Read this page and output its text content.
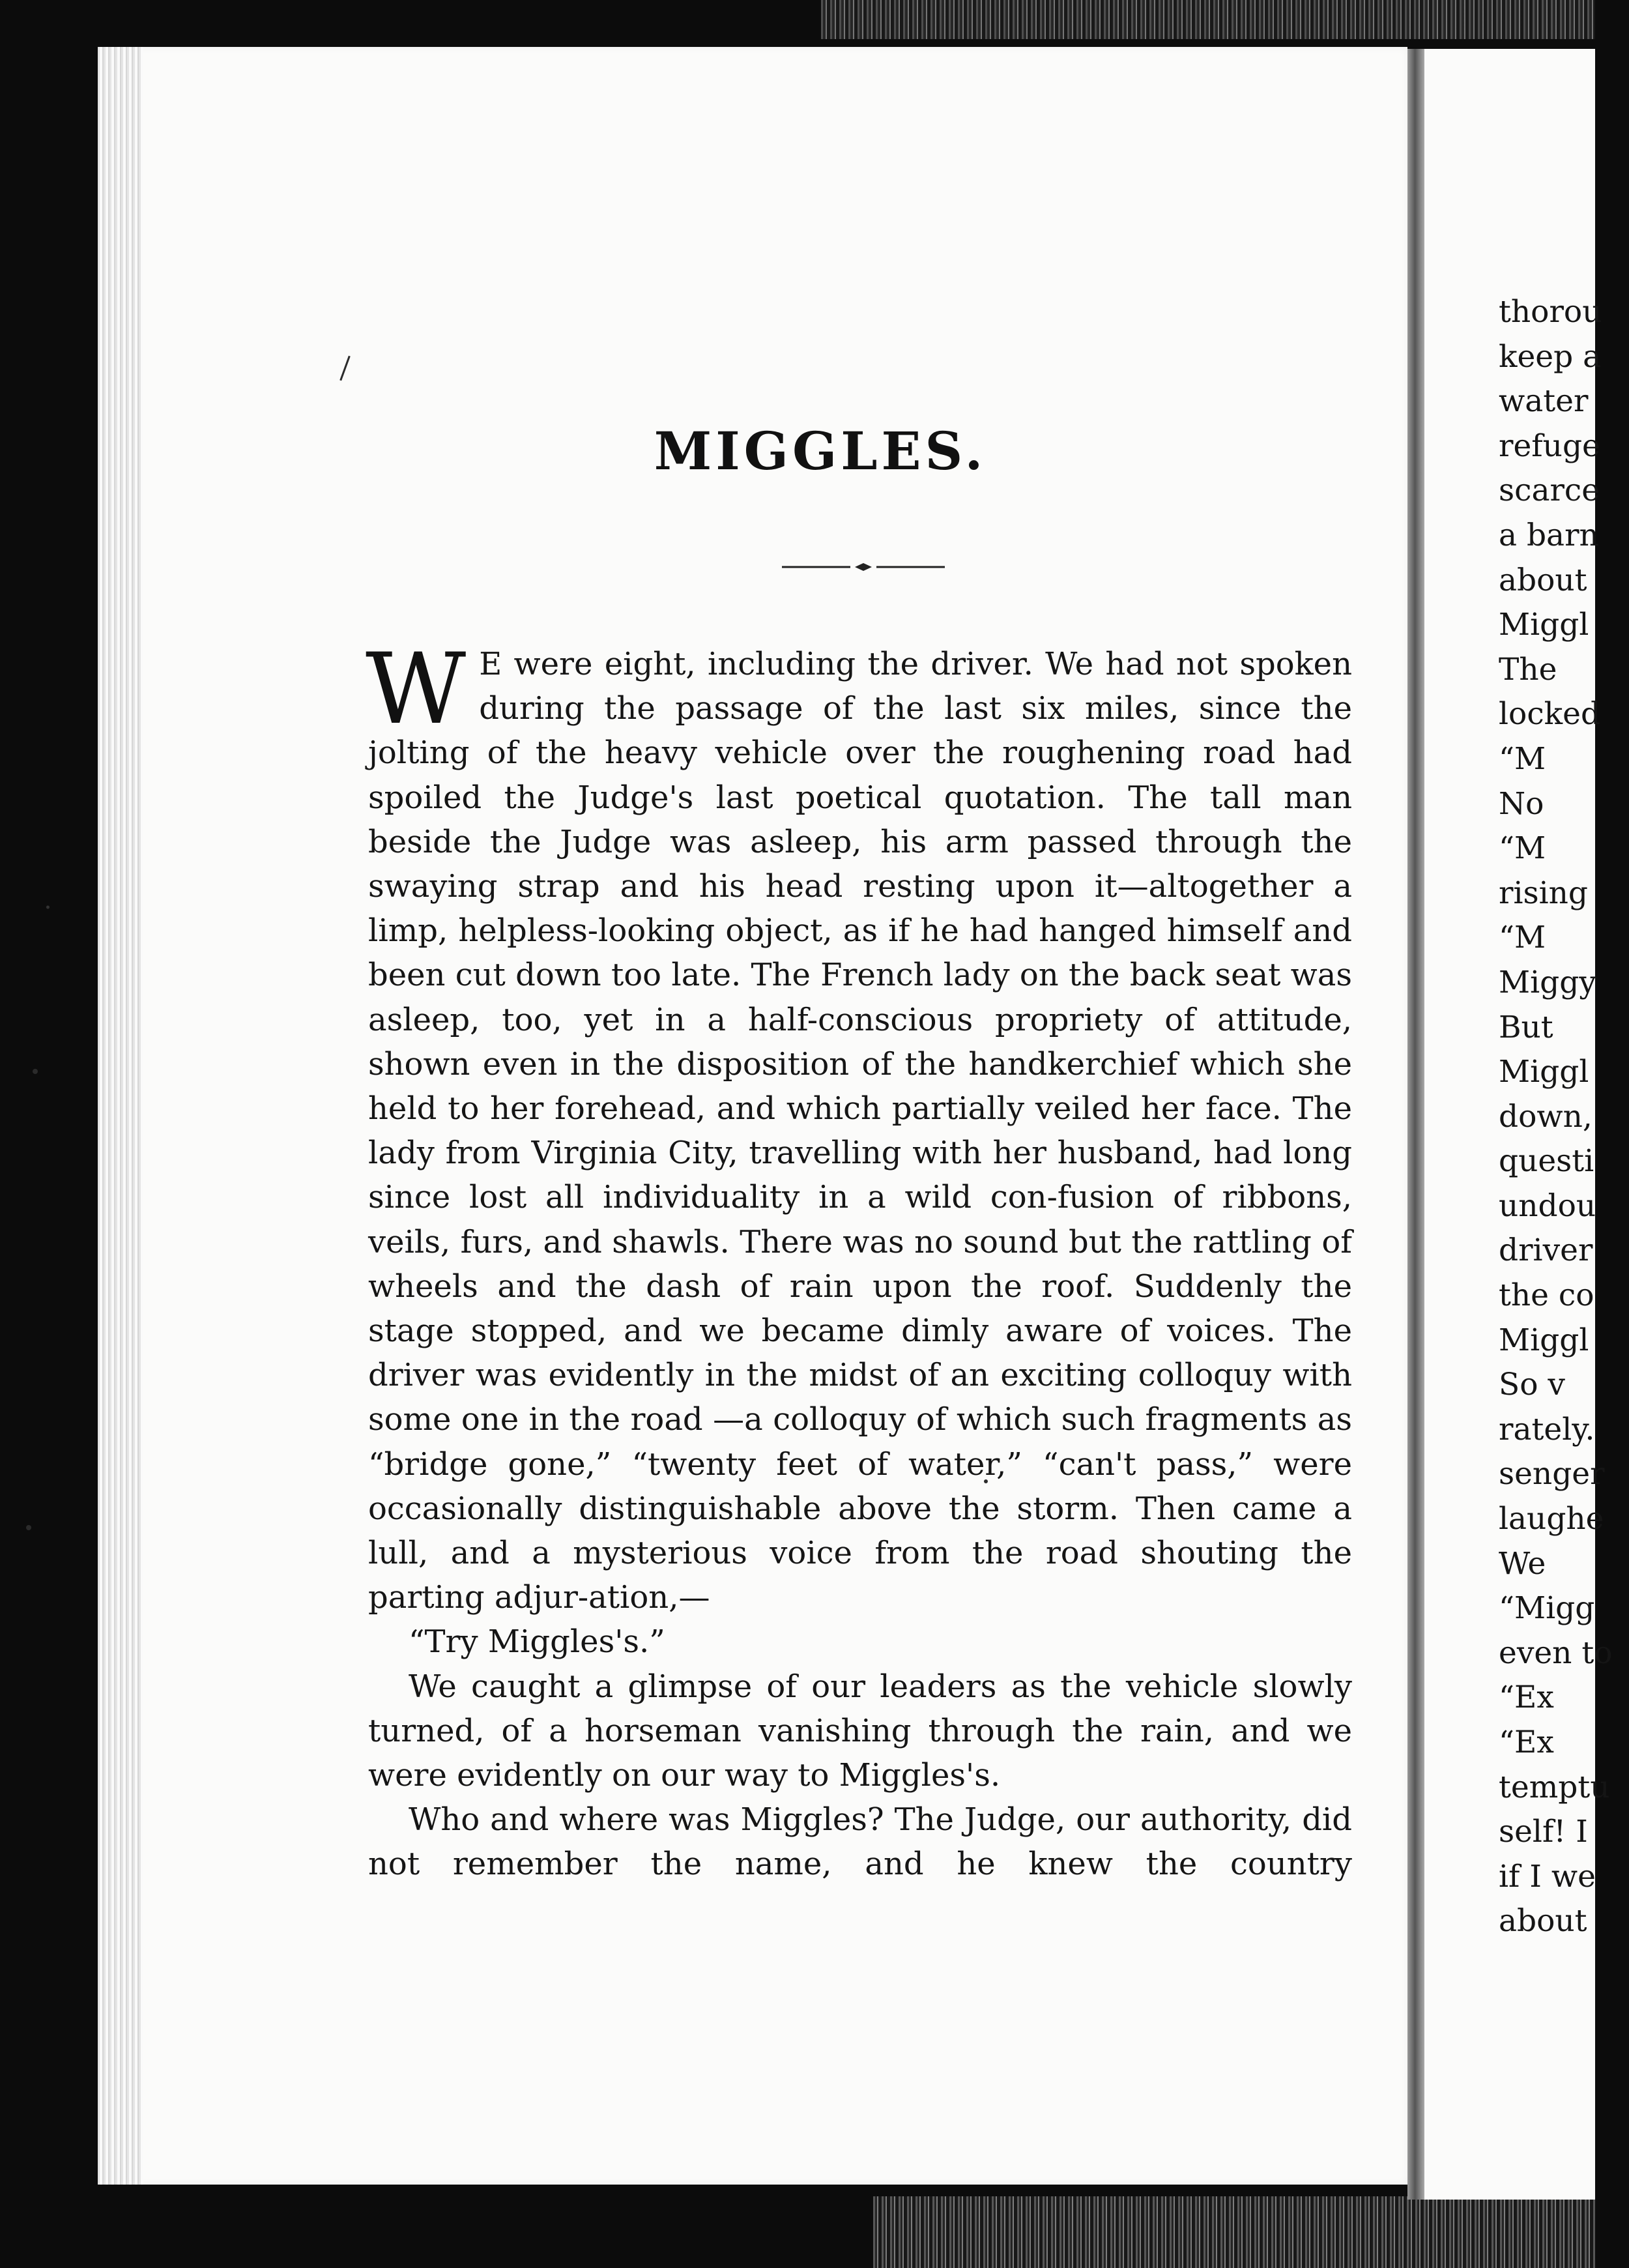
MIGGLES.

W E were eight, including the driver. We had not spoken during the passage of the last six miles, since the jolting of the heavy vehicle over the roughening road had spoiled the Judge's last poetical quotation. The tall man beside the Judge was asleep, his arm passed through the swaying strap and his head resting upon it—altogether a limp, helpless-looking object, as if he had hanged himself and been cut down too late. The French lady on the back seat was asleep, too, yet in a half-conscious propriety of attitude, shown even in the disposition of the handkerchief which she held to her forehead, and which partially veiled her face. The lady from Virginia City, travelling with her husband, had long since lost all individuality in a wild con-fusion of ribbons, veils, furs, and shawls. There was no sound but the rattling of wheels and the dash of rain upon the roof. Suddenly the stage stopped, and we became dimly aware of voices. The driver was evidently in the midst of an exciting colloquy with some one in the road —a colloquy of which such fragments as “bridge gone,” “twenty feet of water,” “can't pass,” were occasionally distinguishable above the storm. Then came a lull, and a mysterious voice from the road shouting the parting adjur-ation,—

“Try Miggles's.”

We caught a glimpse of our leaders as the vehicle slowly turned, of a horseman vanishing through the rain, and we were evidently on our way to Miggles's.

Who and where was Miggles? The Judge, our authority, did not remember the name, and he knew the country

thorou
keep a
water
refuge
scarce
a barn
about
Miggl
The
locked
“M
No
“M
rising
“M
Miggy
But
Miggl
down,
questi
undou
driver
the co
Miggl
So v
rately.
senger
laughe
We
“Migg
even to
“Ex
“Ex
temptu
self! I
if I we
about
